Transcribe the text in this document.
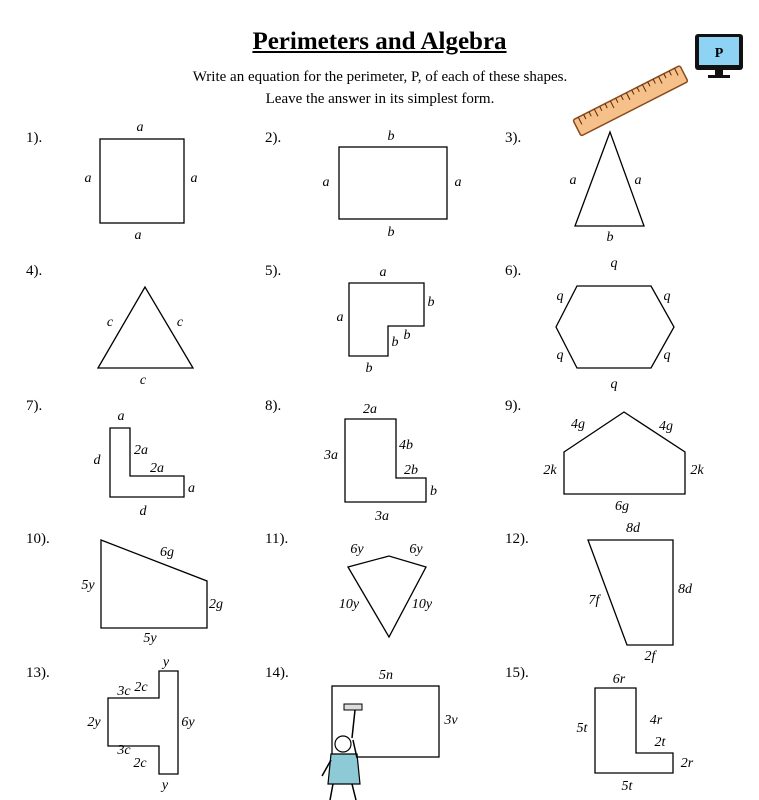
Perimeters and Algebra
Write an equation for the perimeter, P, of each of these shapes.
Leave the answer in its simplest form.
1).	2).	3).
4).	5).	6).
7).	8).	9).
10).	11).	12).
13).	14).	15).
P
a
a	a
a
b
a	a
b
a	a
b
c	c
c
a
a
b
b
b
b
q
q	q
q	q
q
a
d
2a
2a
a
d
2a
3a
4b
2b
b
3a
4g	4g
2k	2k
6g
6g
5y
2g
5y
6y	6y
10y	10y
8d
7f
8d
2f
y
3c 2c
2y	6y
3c
2c
y
5n
3v
6r
5t
4r
2t
2r
5t
